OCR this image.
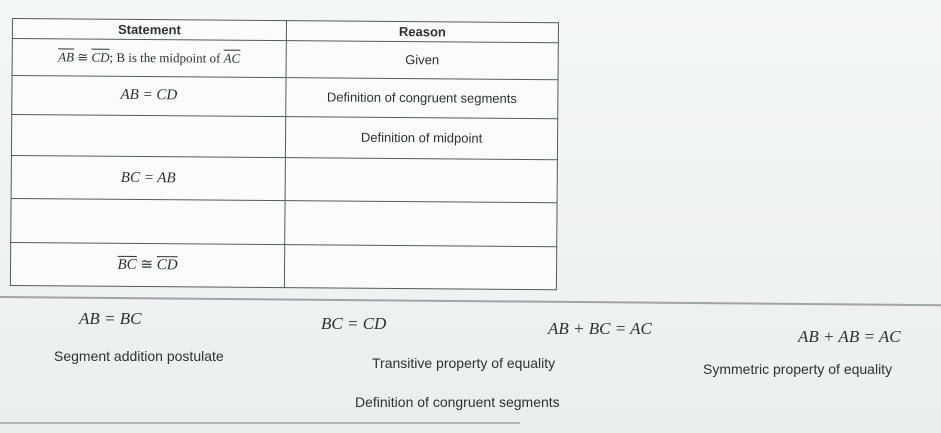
Statement	Reason
$\overline{AB}$ ≅ $\overline{CD}$; B is the midpoint of $\overline{AC}$	Given
AB = CD	Definition of congruent segments
	Definition of midpoint
BC = AB	

$\overline{BC}$ ≅ $\overline{CD}$	
AB = BC	BC = CD	AB + BC = AC	AB + AB = AC
Segment addition postulate	Transitive property of equality	Symmetric property of equality
Definition of congruent segments
